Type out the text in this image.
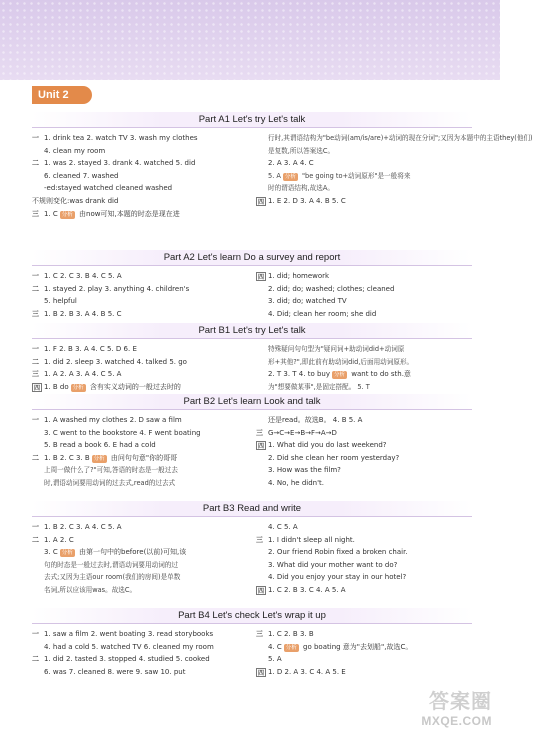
Unit 2
Part A1 Let's try Let's talk
一 1. drink tea 2. watch TV 3. wash my clothes
4. clean my room
二 1. was 2. stayed 3. drank 4. watched 5. did
6. cleaned 7. washed
-ed:stayed watched cleaned washed
不规则变化:was drank did
三 1. C 分析 由now可知,本题的时态是现在进
行时,其谓语结构为"be动词(am/is/are)+动词的现在分词";又因为本题中的主语they(他们)
是复数,所以答案选C。
2. A 3. A 4. C
5. A 分析 "be going to+动词原形"是一般将来
时的谓语结构,故选A。
四 1. E 2. D 3. A 4. B 5. C
Part A2 Let's learn Do a survey and report
一 1. C 2. C 3. B 4. C 5. A
二 1. stayed 2. play 3. anything 4. children's
5. helpful
三 1. B 2. B 3. A 4. B 5. C
四 1. did; homework
2. did; do; washed; clothes; cleaned
3. did; do; watched TV
4. Did; clean her room; she did
Part B1 Let's try Let's talk
一 1. F 2. B 3. A 4. C 5. D 6. E
二 1. did 2. sleep 3. watched 4. talked 5. go
三 1. A 2. A 3. A 4. C 5. A
四 1. B do 分析 含有实义动词的一般过去时的
特殊疑问句句型为"疑问词+助动词did+动词原
形+其他?",即此前有助动词did,后面用动词原形。
2. T 3. T 4. to buy 分析 want to do sth.意
为"想要做某事",是固定搭配。 5. T
Part B2 Let's learn Look and talk
一 1. A washed my clothes 2. D saw a film
3. C went to the bookstore 4. F went boating
5. B read a book 6. E had a cold
二 1. B 2. C 3. B 分析 由问句句意"你的哥哥
上周一做什么了?"可知,答语的时态是一般过去
时,谓语动词要用动词的过去式,read的过去式
还是read。故选B。 4. B 5. A
三 G→C→E→B→F→A→D
四 1. What did you do last weekend?
2. Did she clean her room yesterday?
3. How was the film?
4. No, he didn't.
Part B3 Read and write
一 1. B 2. C 3. A 4. C 5. A
二 1. A 2. C
3. C 分析 由第一句中的before(以前)可知,该
句的时态是一般过去时,谓语动词要用动词的过
去式;又因为主语our room(我们的房间)是单数
名词,所以应该用was。故选C。
4. C 5. A
三 1. I didn't sleep all night.
2. Our friend Robin fixed a broken chair.
3. What did your mother want to do?
4. Did you enjoy your stay in our hotel?
四 1. C 2. B 3. C 4. A 5. A
Part B4 Let's check Let's wrap it up
一 1. saw a film 2. went boating 3. read storybooks
4. had a cold 5. watched TV 6. cleaned my room
二 1. did 2. tasted 3. stopped 4. studied 5. cooked
6. was 7. cleaned 8. were 9. saw 10. put
三 1. C 2. B 3. B
4. C 分析 go boating 意为"去划船",故选C。
5. A
四 1. D 2. A 3. C 4. A 5. E
答案圈
MXQE.COM
